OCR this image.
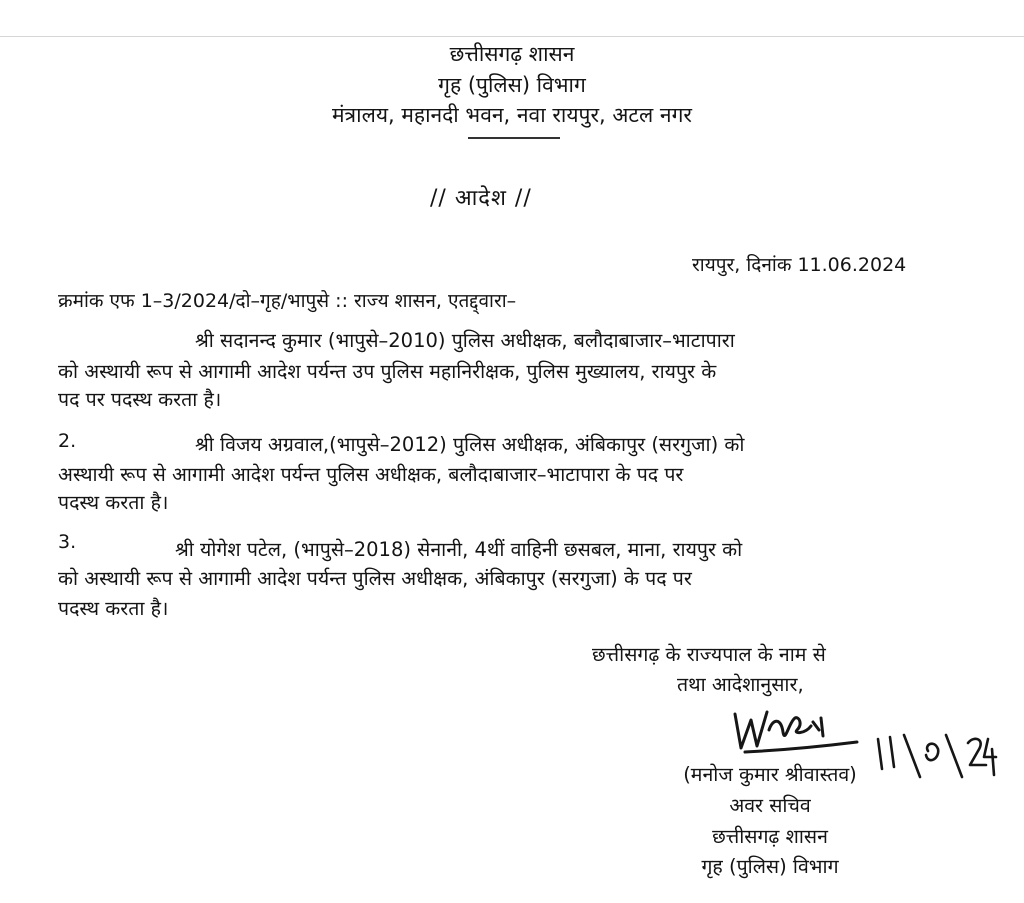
छत्तीसगढ़ शासन
गृह (पुलिस) विभाग
मंत्रालय, महानदी भवन, नवा रायपुर, अटल नगर
// आदेश //
रायपुर, दिनांक 11.06.2024
क्रमांक एफ 1–3/2024/दो–गृह/भापुसे :: राज्य शासन, एतद्द्वारा–
श्री सदानन्द कुमार (भापुसे–2010) पुलिस अधीक्षक, बलौदाबाजार–भाटापारा
को अस्थायी रूप से आगामी आदेश पर्यन्त उप पुलिस महानिरीक्षक, पुलिस मुख्यालय, रायपुर के
पद पर पदस्थ करता है।
2.	श्री विजय अग्रवाल,(भापुसे–2012) पुलिस अधीक्षक, अंबिकापुर (सरगुजा) को
अस्थायी रूप से आगामी आदेश पर्यन्त पुलिस अधीक्षक, बलौदाबाजार–भाटापारा के पद पर
पदस्थ करता है।
3.	श्री योगेश पटेल, (भापुसे–2018) सेनानी, 4थीं वाहिनी छसबल, माना, रायपुर को
को अस्थायी रूप से आगामी आदेश पर्यन्त पुलिस अधीक्षक, अंबिकापुर (सरगुजा) के पद पर
पदस्थ करता है।
छत्तीसगढ़ के राज्यपाल के नाम से
तथा आदेशानुसार,
(मनोज कुमार श्रीवास्तव)
अवर सचिव
छत्तीसगढ़ शासन
गृह (पुलिस) विभाग
